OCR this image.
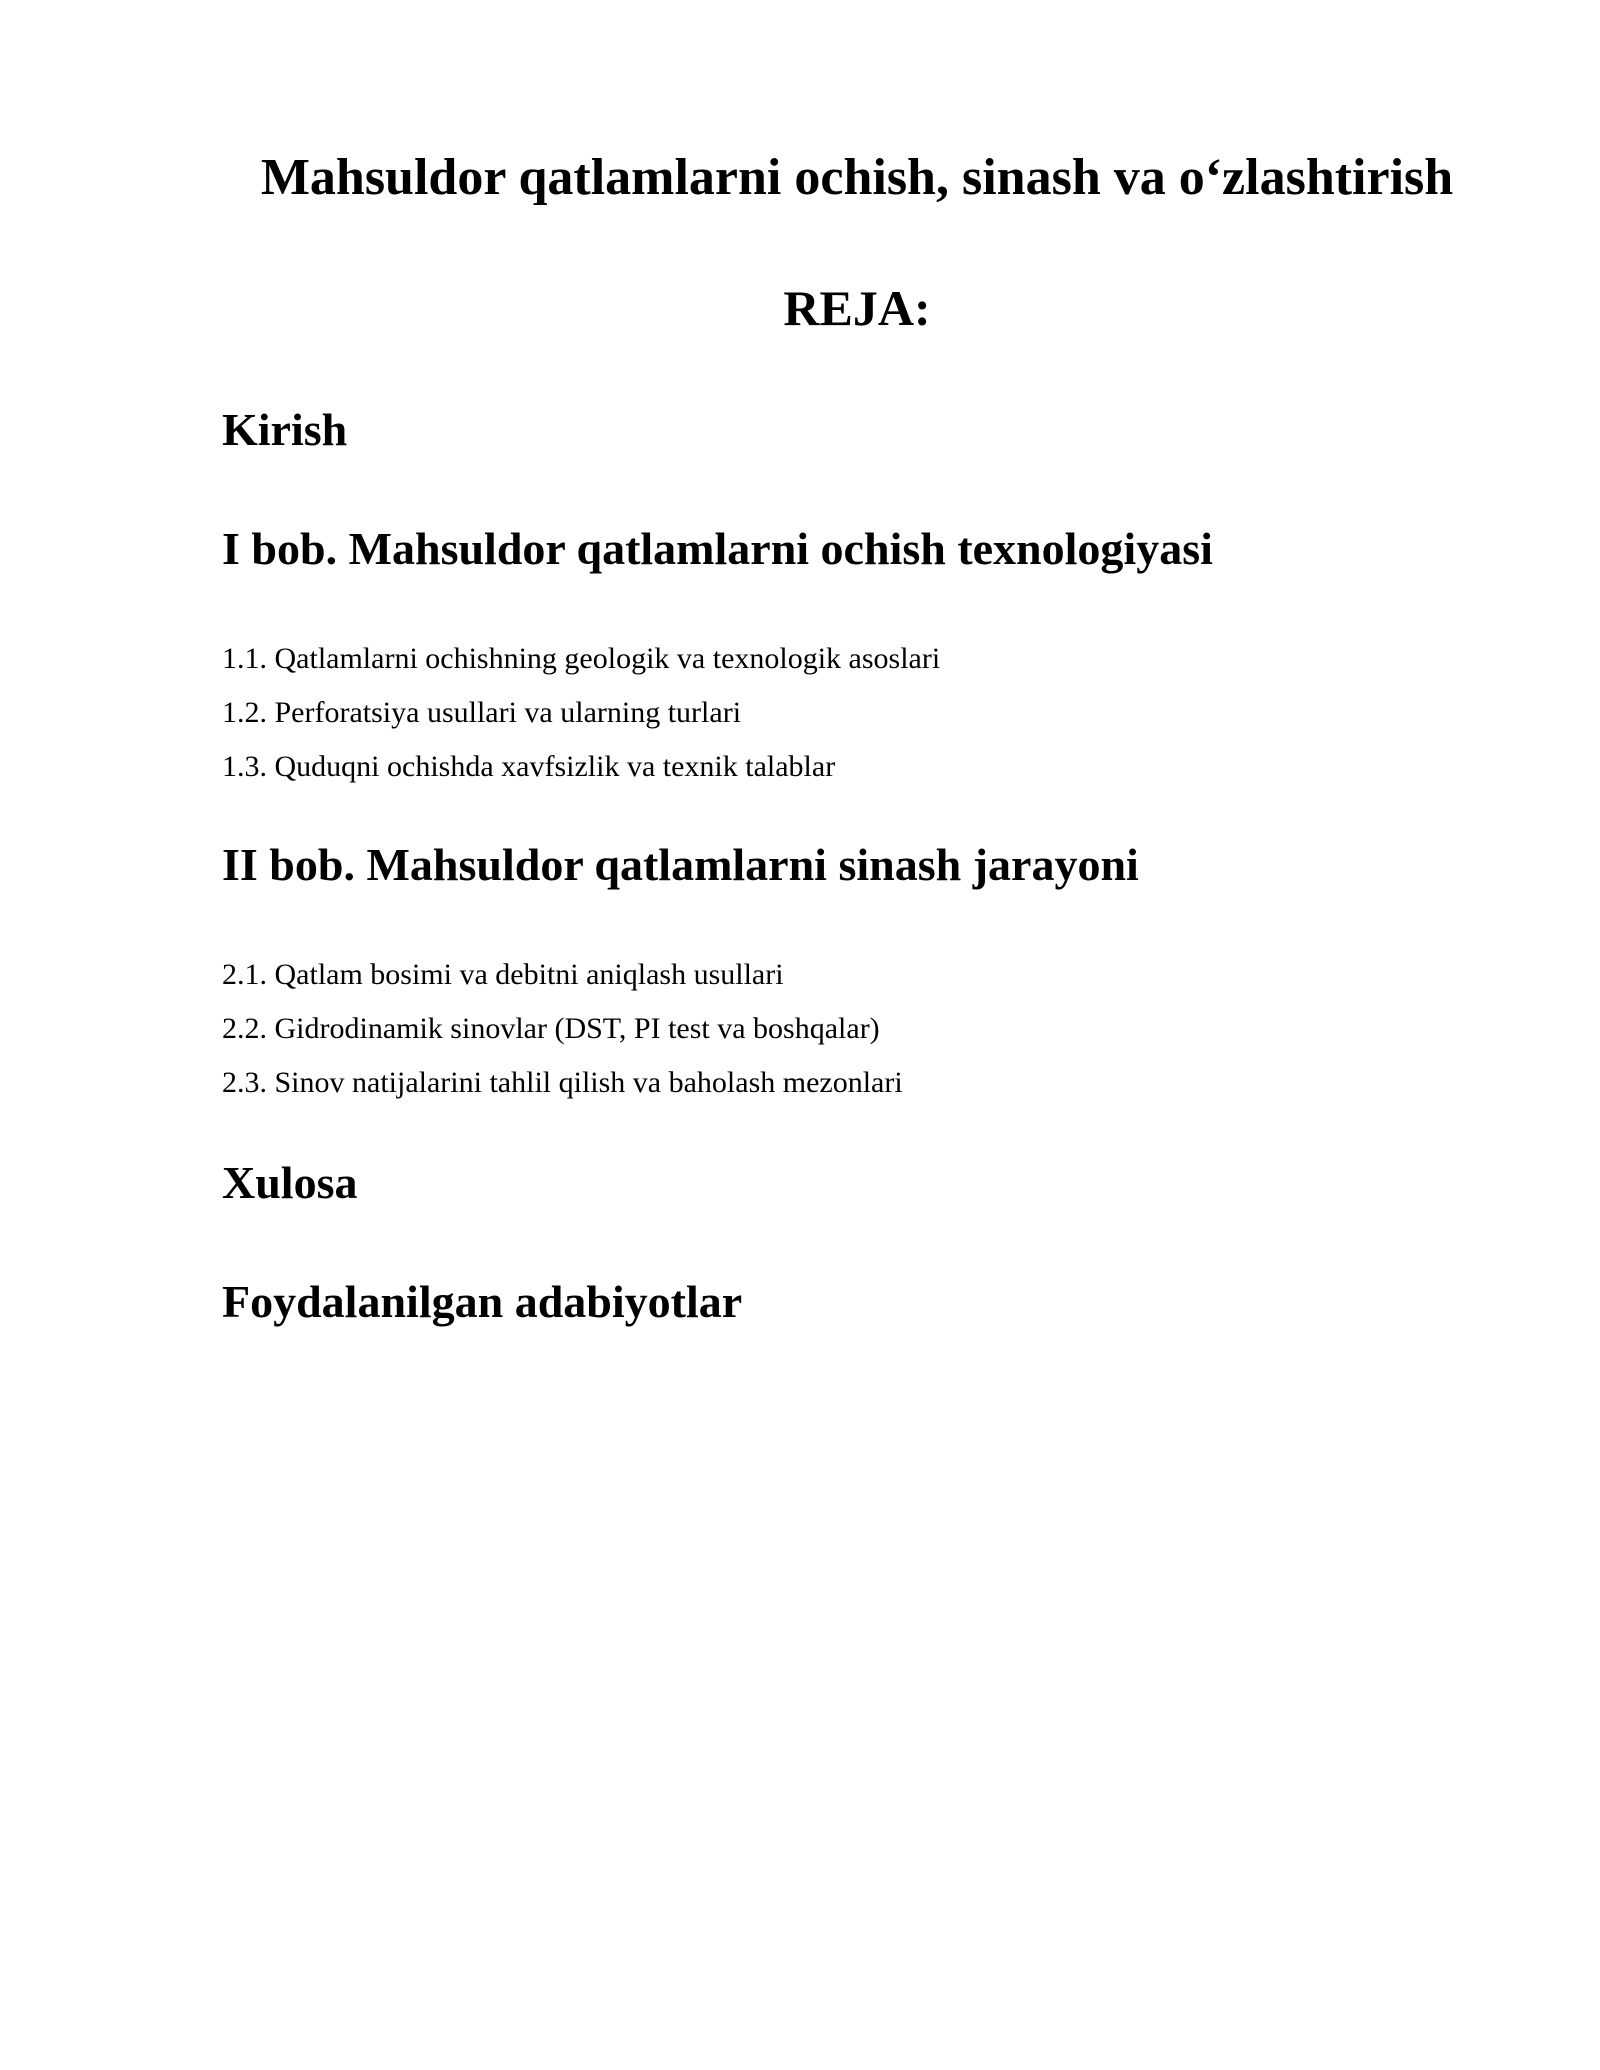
Mahsuldor qatlamlarni ochish, sinash va o‘zlashtirish
REJA:
Kirish
I bob. Mahsuldor qatlamlarni ochish texnologiyasi

1.1. Qatlamlarni ochishning geologik va texnologik asoslari

1.2. Perforatsiya usullari va ularning turlari

1.3. Quduqni ochishda xavfsizlik va texnik talablar

II bob. Mahsuldor qatlamlarni sinash jarayoni

2.1. Qatlam bosimi va debitni aniqlash usullari

2.2. Gidrodinamik sinovlar (DST, PI test va boshqalar)

2.3. Sinov natijalarini tahlil qilish va baholash mezonlari

Xulosa
Foydalanilgan adabiyotlar
